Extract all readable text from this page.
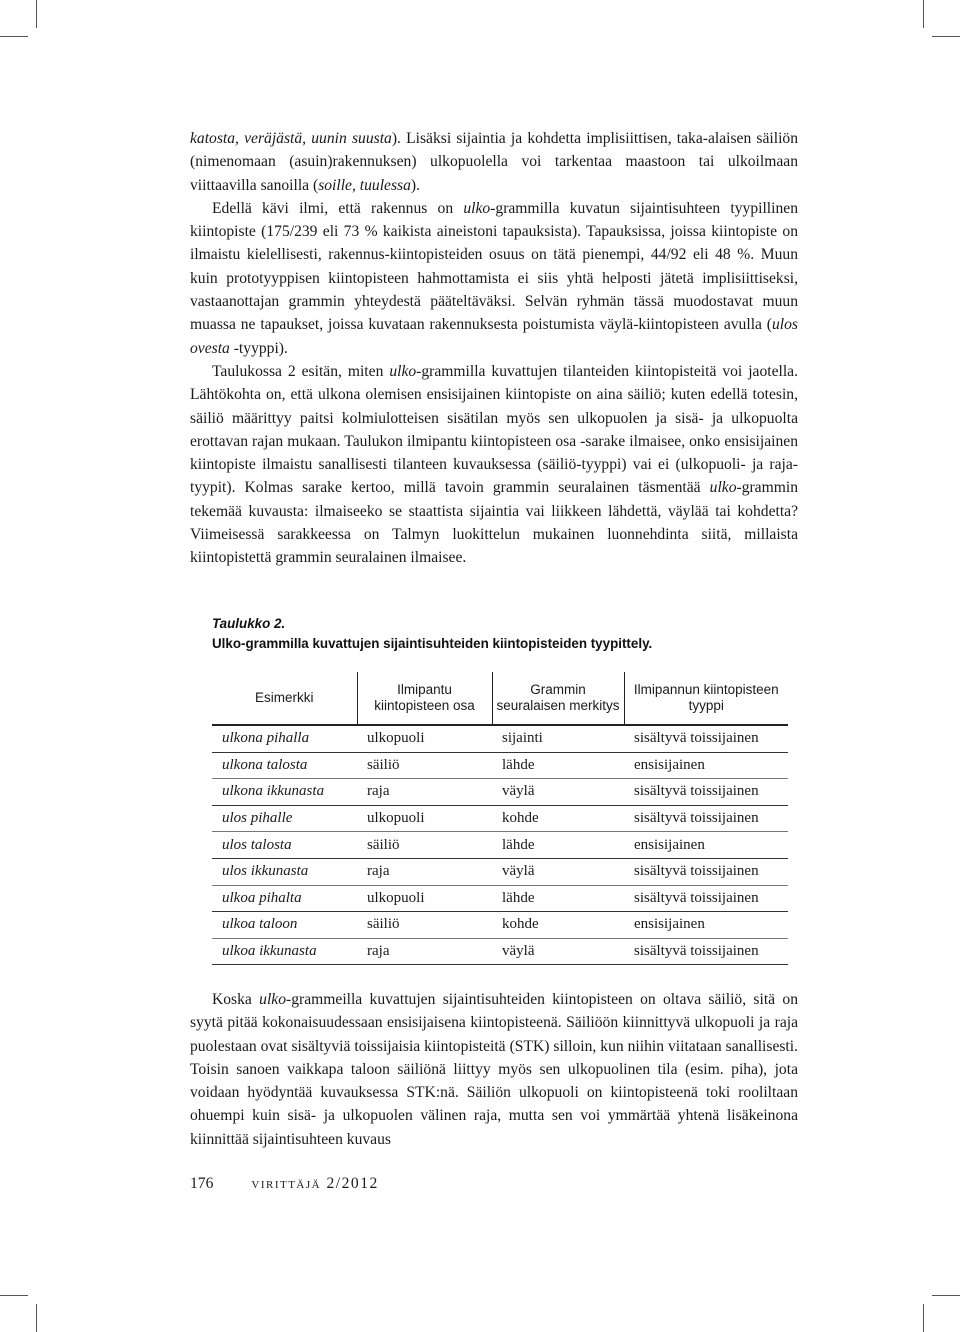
katosta, veräjästä, uunin suusta). Lisäksi sijaintia ja kohdetta implisiittisen, taka-alaisen säiliön (nimenomaan (asuin)rakennuksen) ulkopuolella voi tarkentaa maastoon tai ulkoilmaan viittaavilla sanoilla (soille, tuulessa).

Edellä kävi ilmi, että rakennus on ulko-grammilla kuvatun sijaintisuhteen tyypillinen kiintopiste (175/239 eli 73 % kaikista aineistoni tapauksista). Tapauksissa, joissa kiintopiste on ilmaistu kielellisesti, rakennus-kiintopisteiden osuus on tätä pienempi, 44/92 eli 48 %. Muun kuin prototyyppisen kiintopisteen hahmottamista ei siis yhtä helposti jätetä implisiittiseksi, vastaanottajan grammin yhteydestä pääteltäväksi. Selvän ryhmän tässä muodostavat muun muassa ne tapaukset, joissa kuvataan rakennuksesta poistumista väylä-kiintopisteen avulla (ulos ovesta -tyyppi).

Taulukossa 2 esitän, miten ulko-grammilla kuvattujen tilanteiden kiintopisteitä voi jaotella. Lähtökohta on, että ulkona olemisen ensisijainen kiintopiste on aina säiliö; kuten edellä totesin, säiliö määrittyy paitsi kolmiulotteisen sisätilan myös sen ulkopuolen ja sisä- ja ulkopuolta erottavan rajan mukaan. Taulukon ilmipantu kiintopisteen osa -sarake ilmaisee, onko ensisijainen kiintopiste ilmaistu sanallisesti tilanteen kuvauksessa (säiliö-tyyppi) vai ei (ulkopuoli- ja raja-tyypit). Kolmas sarake kertoo, millä tavoin grammin seuralainen täsmentää ulko-grammin tekemää kuvausta: ilmaiseeko se staattista sijaintia vai liikkeen lähdettä, väylää tai kohdetta? Viimeisessä sarakkeessa on Talmyn luokittelun mukainen luonnehdinta siitä, millaista kiintopistettä grammin seuralainen ilmaisee.

Taulukko 2.
Ulko-grammilla kuvattujen sijaintisuhteiden kiintopisteiden tyypittely.
Esimerkki	Ilmipantu kiintopisteen osa	Grammin seuralaisen merkitys	Ilmipannun kiintopisteen tyyppi
ulkona pihalla	ulkopuoli	sijainti	sisältyvä toissijainen
ulkona talosta	säiliö	lähde	ensisijainen
ulkona ikkunasta	raja	väylä	sisältyvä toissijainen
ulos pihalle	ulkopuoli	kohde	sisältyvä toissijainen
ulos talosta	säiliö	lähde	ensisijainen
ulos ikkunasta	raja	väylä	sisältyvä toissijainen
ulkoa pihalta	ulkopuoli	lähde	sisältyvä toissijainen
ulkoa taloon	säiliö	kohde	ensisijainen
ulkoa ikkunasta	raja	väylä	sisältyvä toissijainen

Koska ulko-grammeilla kuvattujen sijaintisuhteiden kiintopisteen on oltava säiliö, sitä on syytä pitää kokonaisuudessaan ensisijaisena kiintopisteenä. Säiliöön kiinnittyvä ulkopuoli ja raja puolestaan ovat sisältyviä toissijaisia kiintopisteitä (STK) silloin, kun niihin viitataan sanallisesti. Toisin sanoen vaikkapa taloon säiliönä liittyy myös sen ulkopuolinen tila (esim. piha), jota voidaan hyödyntää kuvauksessa STK:nä. Säiliön ulkopuoli on kiintopisteenä toki rooliltaan ohuempi kuin sisä- ja ulkopuolen välinen raja, mutta sen voi ymmärtää yhtenä lisäkeinona kiinnittää sijaintisuhteen kuvaus

176 virittäjä 2/2012
